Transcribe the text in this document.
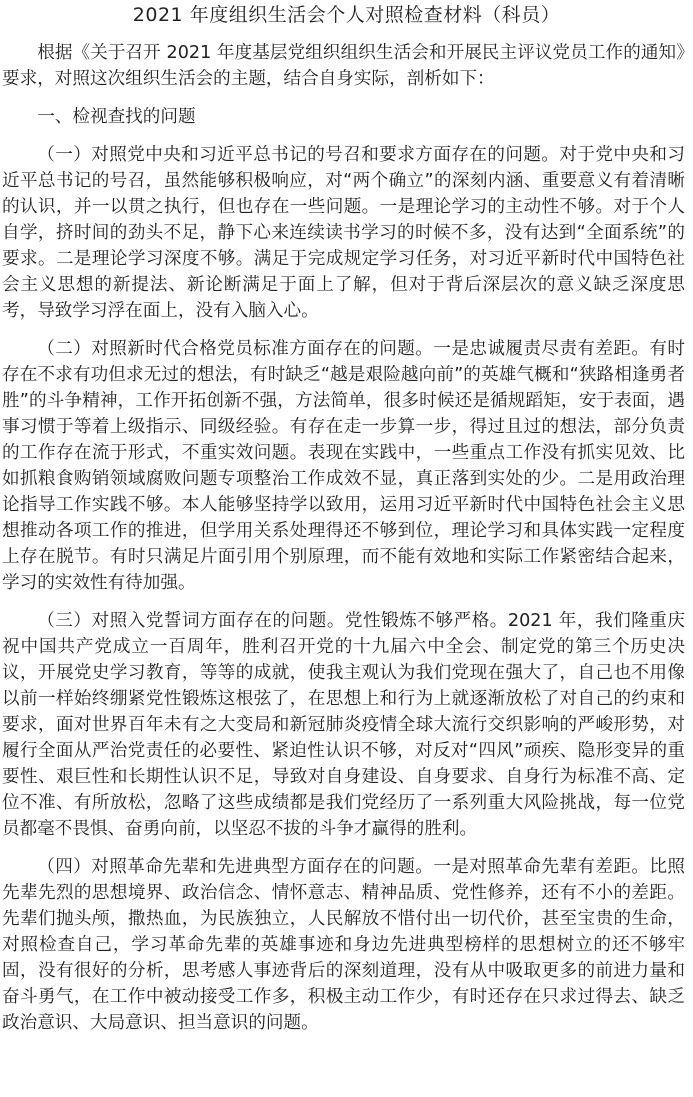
2021 年度组织生活会个人对照检查材料（科员）

根据《关于召开 2021 年度基层党组织组织生活会和开展民主评议党员工作的通知》要求，对照这次组织生活会的主题，结合自身实际，剖析如下：

一、检视查找的问题

（一）对照党中央和习近平总书记的号召和要求方面存在的问题。对于党中央和习近平总书记的号召，虽然能够积极响应，对“两个确立”的深刻内涵、重要意义有着清晰的认识，并一以贯之执行，但也存在一些问题。一是理论学习的主动性不够。对于个人自学，挤时间的劲头不足，静下心来连续读书学习的时候不多，没有达到“全面系统”的要求。二是理论学习深度不够。满足于完成规定学习任务，对习近平新时代中国特色社会主义思想的新提法、新论断满足于面上了解，但对于背后深层次的意义缺乏深度思考，导致学习浮在面上，没有入脑入心。

（二）对照新时代合格党员标准方面存在的问题。一是忠诚履责尽责有差距。有时存在不求有功但求无过的想法，有时缺乏“越是艰险越向前”的英雄气概和“狭路相逢勇者胜”的斗争精神，工作开拓创新不强，方法简单，很多时候还是循规蹈矩，安于表面，遇事习惯于等着上级指示、同级经验。有存在走一步算一步，得过且过的想法，部分负责的工作存在流于形式，不重实效问题。表现在实践中，一些重点工作没有抓实见效、比如抓粮食购销领域腐败问题专项整治工作成效不显，真正落到实处的少。二是用政治理论指导工作实践不够。本人能够坚持学以致用，运用习近平新时代中国特色社会主义思想推动各项工作的推进，但学用关系处理得还不够到位，理论学习和具体实践一定程度上存在脱节。有时只满足片面引用个别原理，而不能有效地和实际工作紧密结合起来，学习的实效性有待加强。

（三）对照入党誓词方面存在的问题。党性锻炼不够严格。2021 年，我们隆重庆祝中国共产党成立一百周年，胜利召开党的十九届六中全会、制定党的第三个历史决议，开展党史学习教育，等等的成就，使我主观认为我们党现在强大了，自己也不用像以前一样始终绷紧党性锻炼这根弦了，在思想上和行为上就逐渐放松了对自己的约束和要求，面对世界百年未有之大变局和新冠肺炎疫情全球大流行交织影响的严峻形势，对履行全面从严治党责任的必要性、紧迫性认识不够，对反对“四风”顽疾、隐形变异的重要性、艰巨性和长期性认识不足，导致对自身建设、自身要求、自身行为标准不高、定位不准、有所放松，忽略了这些成绩都是我们党经历了一系列重大风险挑战，每一位党员都毫不畏惧、奋勇向前，以坚忍不拔的斗争才赢得的胜利。

（四）对照革命先辈和先进典型方面存在的问题。一是对照革命先辈有差距。比照先辈先烈的思想境界、政治信念、情怀意志、精神品质、党性修养，还有不小的差距。先辈们抛头颅，撒热血，为民族独立，人民解放不惜付出一切代价，甚至宝贵的生命，对照检查自己，学习革命先辈的英雄事迹和身边先进典型榜样的思想树立的还不够牢固，没有很好的分析，思考感人事迹背后的深刻道理，没有从中吸取更多的前进力量和奋斗勇气，在工作中被动接受工作多，积极主动工作少，有时还存在只求过得去、缺乏政治意识、大局意识、担当意识的问题。
